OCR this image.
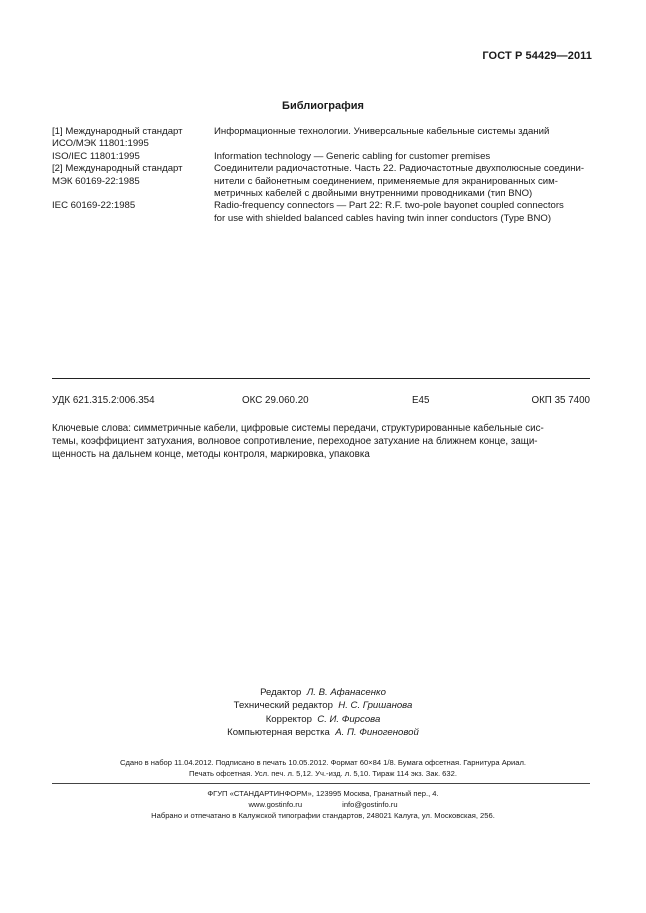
ГОСТ Р 54429—2011
Библиография
[1] Международный стандарт	Информационные технологии. Универсальные кабельные системы зданий
ИСО/МЭК 11801:1995
ISO/IEC 11801:1995	Information technology — Generic cabling for customer premises
[2] Международный стандарт	Соединители радиочастотные. Часть 22. Радиочастотные двухполюсные соедини-
МЭК 60169-22:1985	нители с байонетным соединением, применяемые для экранированных сим-
метричных кабелей с двойными внутренними проводниками (тип BNO)
IEC 60169-22:1985	Radio-frequency connectors — Part 22: R.F. two-pole bayonet coupled connectors
for use with shielded balanced cables having twin inner conductors (Type BNO)
УДК 621.315.2:006.354	ОКС 29.060.20	Е45	ОКП 35 7400
Ключевые слова: симметричные кабели, цифровые системы передачи, структурированные кабельные сис-
темы, коэффициент затухания, волновое сопротивление, переходное затухание на ближнем конце, защи-
щенность на дальнем конце, методы контроля, маркировка, упаковка
Редактор Л. В. Афанасенко
Технический редактор Н. С. Гришанова
Корректор С. И. Фирсова
Компьютерная верстка А. П. Финогеновой
Сдано в набор 11.04.2012. Подписано в печать 10.05.2012. Формат 60×84 1/8. Бумага офсетная. Гарнитура Ариал.
Печать офсетная. Усл. печ. л. 5,12. Уч.-изд. л. 5,10. Тираж 114 экз. Зак. 632.
ФГУП «СТАНДАРТИНФОРМ», 123995 Москва, Гранатный пер., 4.
www.gostinfo.ru	info@gostinfo.ru
Набрано и отпечатано в Калужской типографии стандартов, 248021 Калуга, ул. Московская, 256.
